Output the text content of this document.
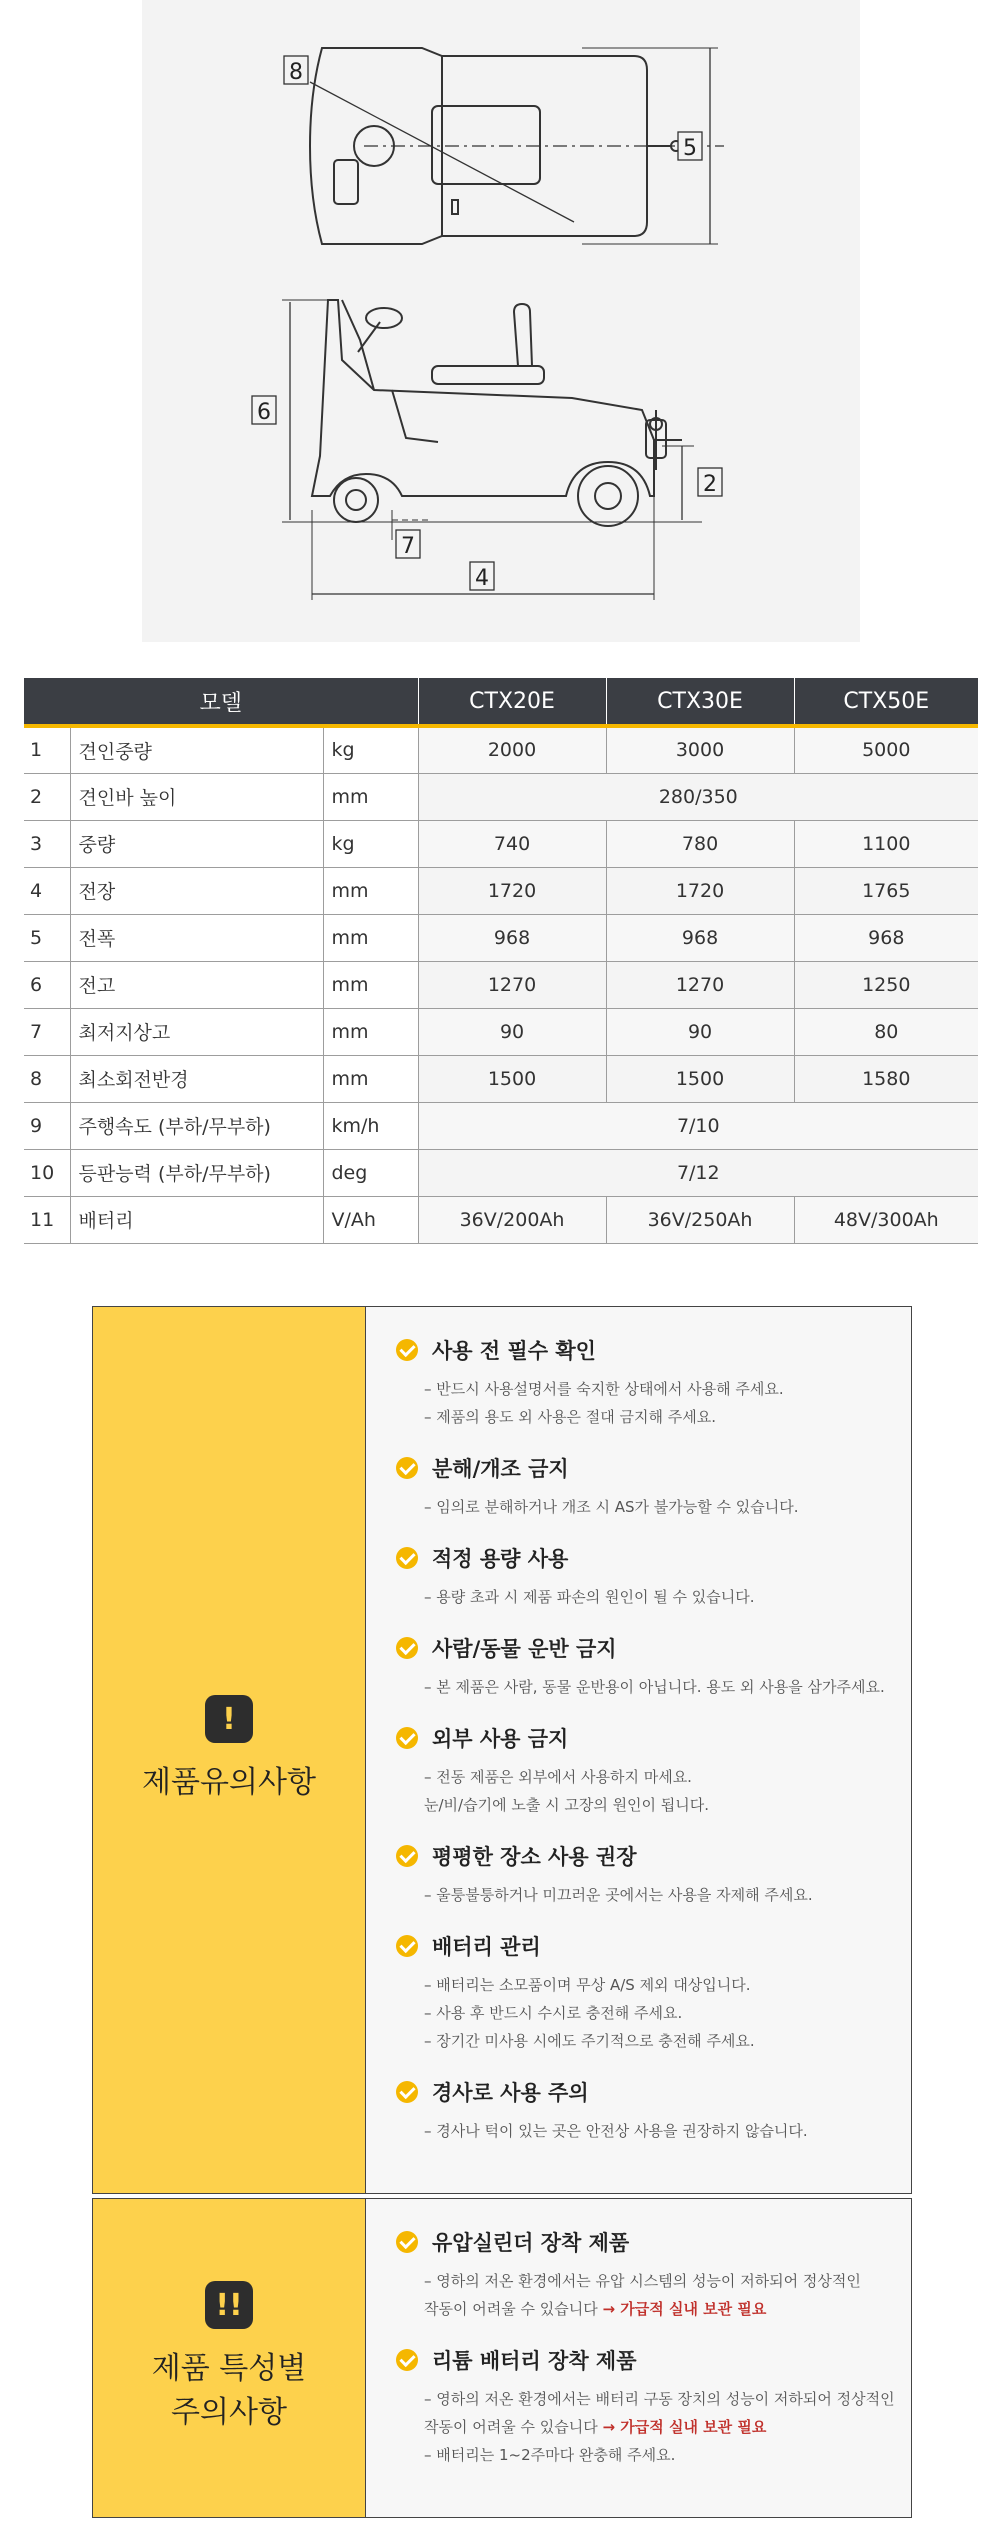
8
5
6
2
7
4
모델			CTX20E	CTX30E	CTX50E
1	견인중량	kg	2000	3000	5000
2	견인바 높이	mm	280/350		
3	중량	kg	740	780	1100
4	전장	mm	1720	1720	1765
5	전폭	mm	968	968	968
6	전고	mm	1270	1270	1250
7	최저지상고	mm	90	90	80
8	최소회전반경	mm	1500	1500	1580
9	주행속도 (부하/무부하)	km/h	7/10		
10	등판능력 (부하/무부하)	deg	7/12		
11	배터리	V/Ah	36V/200Ah	36V/250Ah	48V/300Ah
!
제품유의사항
사용 전 필수 확인
– 반드시 사용설명서를 숙지한 상태에서 사용해 주세요.
– 제품의 용도 외 사용은 절대 금지해 주세요.
분해/개조 금지
– 임의로 분해하거나 개조 시 AS가 불가능할 수 있습니다.
적정 용량 사용
– 용량 초과 시 제품 파손의 원인이 될 수 있습니다.
사람/동물 운반 금지
– 본 제품은 사람, 동물 운반용이 아닙니다. 용도 외 사용을 삼가주세요.
외부 사용 금지
– 전동 제품은 외부에서 사용하지 마세요.
눈/비/습기에 노출 시 고장의 원인이 됩니다.
평평한 장소 사용 권장
– 울퉁불퉁하거나 미끄러운 곳에서는 사용을 자제해 주세요.
배터리 관리
– 배터리는 소모품이며 무상 A/S 제외 대상입니다.
– 사용 후 반드시 수시로 충전해 주세요.
– 장기간 미사용 시에도 주기적으로 충전해 주세요.
경사로 사용 주의
– 경사나 턱이 있는 곳은 안전상 사용을 권장하지 않습니다.
!!
제품 특성별
주의사항
유압실린더 장착 제품
– 영하의 저온 환경에서는 유압 시스템의 성능이 저하되어 정상적인
작동이 어려울 수 있습니다 → 가급적 실내 보관 필요
리튬 배터리 장착 제품
– 영하의 저온 환경에서는 배터리 구동 장치의 성능이 저하되어 정상적인
작동이 어려울 수 있습니다 → 가급적 실내 보관 필요
– 배터리는 1~2주마다 완충해 주세요.
